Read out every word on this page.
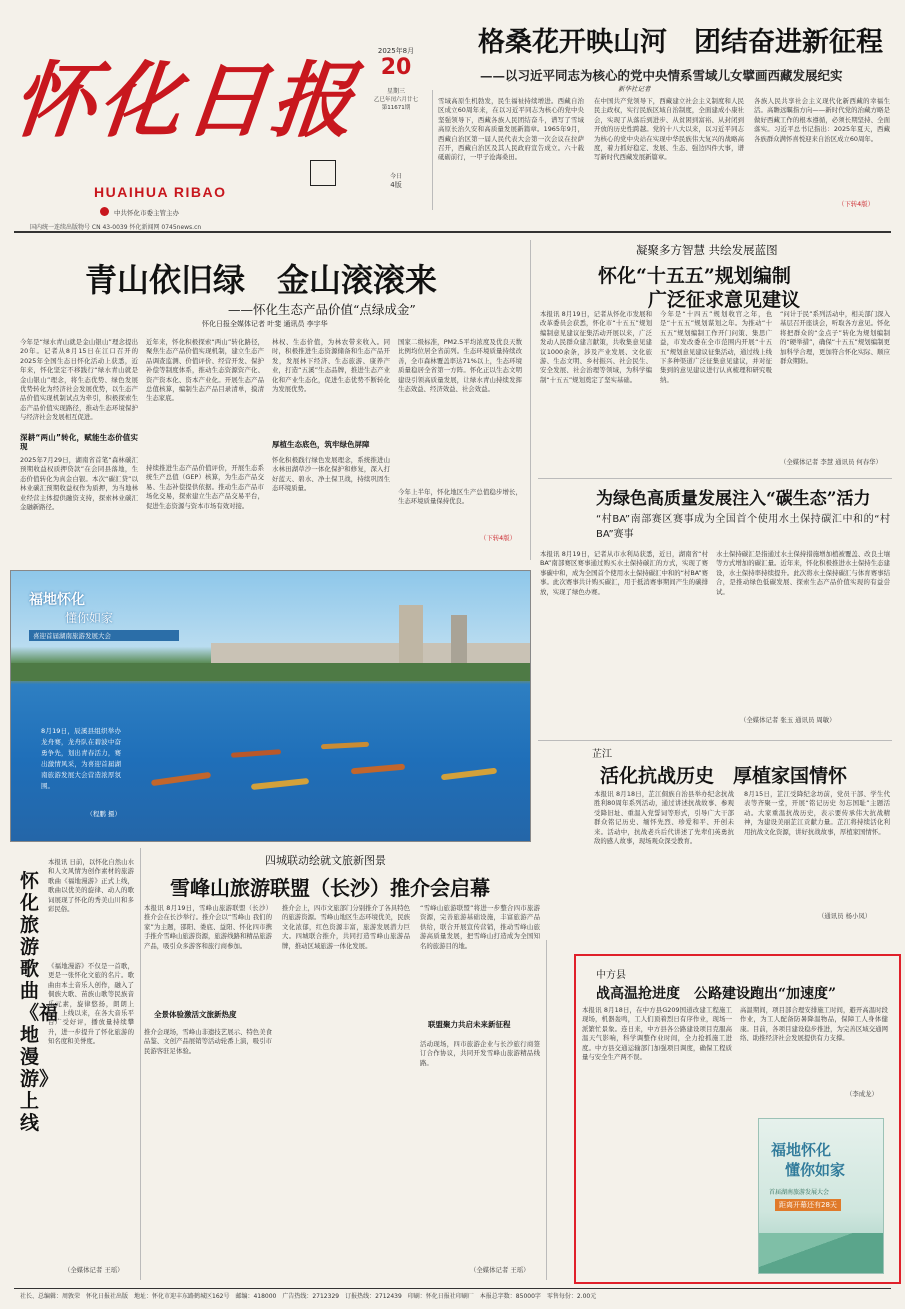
怀化日报
HUAIHUA RIBAO
中共怀化市委主管主办
国内统一连续出版物号 CN 43-0039 怀化新闻网 0745news.cn
2025年8月
20
星期三
乙巳年闰六月廿七
第11671期
今日
4版
格桑花开映山河　团结奋进新征程
——以习近平同志为核心的党中央情系雪域儿女擘画西藏发展纪实
新华社记者
雪域高原生机勃发，民生福祉持续增进。西藏自治区成立60周年来，在以习近平同志为核心的党中央坚强领导下，西藏各族人民团结奋斗，谱写了雪域高原长治久安和高质量发展新篇章。1965年9月，西藏自治区第一届人民代表大会第一次会议在拉萨召开，西藏自治区及其人民政府宣告成立。六十载砥砺前行，一甲子沧海桑田。
在中国共产党领导下，西藏建立社会主义制度和人民民主政权，实行民族区域自治制度，全面建成小康社会，实现了从落后到进步、从贫困到富裕、从封闭到开放的历史性跨越。党的十八大以来，以习近平同志为核心的党中央站在实现中华民族伟大复兴的战略高度，着力抓好稳定、发展、生态、强边四件大事，谱写新时代西藏发展新篇章。
各族人民共享社会主义现代化新西藏的幸福生活。高瞻远瞩指方向——新时代党的治藏方略是做好西藏工作的根本遵循，必须长期坚持、全面落实。习近平总书记指出：2025年夏天，西藏各族群众满怀喜悦迎来自治区成立60周年。
（下转4版）
青山依旧绿　金山滚滚来
——怀化生态产品价值“点绿成金”
怀化日报全媒体记者 叶斐 通讯员 李宇华
今年是“绿水青山就是金山银山”理念提出20年。记者从8月15日在江口召开的2025年全国生态日怀化活动上获悉，近年来，怀化坚定不移践行“绿水青山就是金山银山”理念，将生态优势、绿色发展优势转化为经济社会发展优势，以生态产品价值实现机制试点为牵引，积极探索生态产品价值实现路径，推动生态环境保护与经济社会发展相互促进。
深耕“两山”转化，赋能生态价值实现
2025年7月29日，湖南省首笔“森林碳汇预期收益权质押贷款”在会同县落地，生态价值转化为真金白银。本次“碳汇贷”以林业碳汇预期收益权作为质押，为当地林业经营主体提供融资支持，探索林业碳汇金融新路径。
近年来，怀化积极探索“两山”转化路径，聚焦生态产品价值实现机制，建立生态产品调查监测、价值评价、经营开发、保护补偿等制度体系，推动生态资源资产化、资产资本化、资本产业化。开展生态产品总值核算，编制生态产品目录清单，摸清生态家底。
持续推进生态产品价值评价，开展生态系统生产总值（GEP）核算，为生态产品交易、生态补偿提供依据。推动生态产品市场化交易，探索建立生态产品交易平台，促进生态资源与资本市场有效对接。
林权、生态价值，为林农带来收入。同时，积极推进生态资源储备和生态产品开发，发展林下经济、生态旅游、康养产业，打造“五溪”生态品牌，推进生态产业化和产业生态化，促进生态优势不断转化为发展优势。
厚植生态底色，筑牢绿色屏障
怀化积极践行绿色发展理念，系统推进山水林田湖草沙一体化保护和修复，深入打好蓝天、碧水、净土保卫战，持续巩固生态环境质量。
国家二级标准，PM2.5平均浓度及优良天数比例均位居全省前列。生态环境质量持续改善，全市森林覆盖率达71%以上，生态环境质量稳居全省第一方阵。怀化正以生态文明建设引领高质量发展，让绿水青山持续发挥生态效益、经济效益、社会效益。
今年上半年，怀化地区生产总值稳步增长，生态环境质量保持优良。
（下转4版）
凝聚多方智慧 共绘发展蓝图
怀化“十五五”规划编制
广泛征求意见建议
本报讯 8月19日，记者从怀化市发展和改革委员会获悉，怀化市“十五五”规划编制意见建议征集活动开展以来，广泛发动人民群众建言献策，共收集意见建议1000余条，涉及产业发展、文化旅游、生态文明、乡村振兴、社会民生、安全发展、社会治理等领域，为科学编制“十五五”规划奠定了坚实基础。
今年是“十四五”规划收官之年，也是“十五五”规划谋划之年。为推动“十五五”规划编制工作开门问策、集思广益，市发改委在全市范围内开展“十五五”规划意见建议征集活动，通过线上线下多种渠道广泛征集意见建议，并对征集到的意见建议进行认真梳理和研究吸纳。
“问计于民”系列活动中，相关部门深入基层召开座谈会，听取各方意见。怀化将把群众的“金点子”转化为规划编制的“硬举措”，确保“十五五”规划编制更加科学合理，更加符合怀化实际、顺应群众期盼。
（全媒体记者 李慧 通讯员 何春华）
为绿色高质量发展注入“碳生态”活力
“村BA”南部赛区赛事成为全国首个使用水土保持碳汇中和的“村BA”赛事
本报讯 8月19日，记者从市水利局获悉，近日，湖南省“村BA”南部赛区赛事通过购买水土保持碳汇的方式，实现了赛事碳中和，成为全国首个使用水土保持碳汇中和的“村BA”赛事。此次赛事共计购买碳汇，用于抵消赛事期间产生的碳排放，实现了绿色办赛。
水土保持碳汇是指通过水土保持措施增加植被覆盖、改良土壤等方式增加的碳汇量。近年来，怀化积极推进水土保持生态建设，水土保持率持续提升。此次将水土保持碳汇与体育赛事结合，是推动绿色低碳发展、探索生态产品价值实现的有益尝试。
（全媒体记者 张玉 通讯员 周敏）
芷江
活化抗战历史　厚植家国情怀
本报讯 8月18日，芷江侗族自治县举办纪念抗战胜利80周年系列活动，通过讲述抗战故事、参观受降旧址、重温入党誓词等形式，引导广大干部群众铭记历史、缅怀先烈、珍爱和平、开创未来。活动中，抗战老兵后代讲述了先辈们英勇抗敌的感人故事，现场观众深受教育。
8月15日，芷江受降纪念坊前，党员干部、学生代表等齐聚一堂，开展“铭记历史 勿忘国耻”主题活动。大家重温抗战历史，表示要传承伟大抗战精神，为建设美丽芷江贡献力量。芷江将持续活化利用抗战文化资源，讲好抗战故事，厚植家国情怀。
（通讯员 杨小凤）
福地怀化
懂你如家
喜迎首届湖南旅游发展大会
8月19日，辰溪县组织举办龙舟赛，龙舟队在碧波中奋勇争先，划出青春活力，赛出激情风采，为喜迎首届湖南旅游发展大会营造浓厚氛围。
（程鹏 摄）
四城联动绘就文旅新图景
雪峰山旅游联盟（长沙）推介会启幕
本报讯 8月19日，雪峰山旅游联盟（长沙）推介会在长沙举行。推介会以“雪峰山 我们的家”为主题，邵阳、娄底、益阳、怀化四市携手推介雪峰山旅游资源，旅游线路和精品旅游产品，吸引众多游客和旅行商参加。
全景体验激活文旅新热度
推介会现场，雪峰山非遗技艺展示、特色美食品鉴、文创产品展销等活动轮番上演，吸引市民游客驻足体验。
推介会上，四市文旅部门分别推介了各具特色的旅游资源。雪峰山地区生态环境优美，民族文化浓郁，红色资源丰富，旅游发展潜力巨大。四城联合推介，共同打造雪峰山旅游品牌，推动区域旅游一体化发展。
“雪峰山旅游联盟”将进一步整合四市旅游资源，完善旅游基础设施，丰富旅游产品供给，联合开展宣传营销，推动雪峰山旅游高质量发展，把雪峰山打造成为全国知名的旅游目的地。
联盟聚力共启未来新征程
活动现场，四市旅游企业与长沙旅行商签订合作协议，共同开发雪峰山旅游精品线路。
（全媒体记者 王瑶）
怀化旅游歌曲《福地漫游》上线
本报讯 日前，以怀化自然山水和人文风情为创作素材的旅游歌曲《福地漫游》正式上线，歌曲以优美的旋律、动人的歌词展现了怀化的秀美山川和多彩民俗。
《福地漫游》不仅是一首歌，更是一张怀化文旅的名片。歌曲由本土音乐人创作，融入了侗族大歌、苗族山歌等民族音乐元素，旋律悠扬，朗朗上口。上线以来，在各大音乐平台广受好评，播放量持续攀升，进一步提升了怀化旅游的知名度和美誉度。
（全媒体记者 王瑶）
中方县
战高温抢进度　公路建设跑出“加速度”
本报讯 8月18日，在中方县G209国道改建工程施工现场，机器轰鸣，工人们顶着烈日有序作业，现场一派繁忙景象。连日来，中方县各公路建设项目克服高温天气影响，科学调整作业时间，全力抢抓施工进度。中方县交通运输部门加强项目调度，确保工程质量与安全生产两不误。
高温期间，项目部合理安排施工时间，避开高温时段作业，为工人配备防暑降温物品，保障工人身体健康。目前，各项目建设稳步推进，为完善区域交通网络、助推经济社会发展提供有力支撑。
（李成龙）
福地怀化
懂你如家
首届湖南旅游发展大会
距离开幕还有28天
社长、总编辑：周敦荣　怀化日报社出版　地址：怀化市迎丰东路鹤城区162号　邮编：418000　广告热线：2712329　订报热线：2712439　印刷：怀化日报社印刷厂　本报总字数：85000字　零售每份：2.00元
